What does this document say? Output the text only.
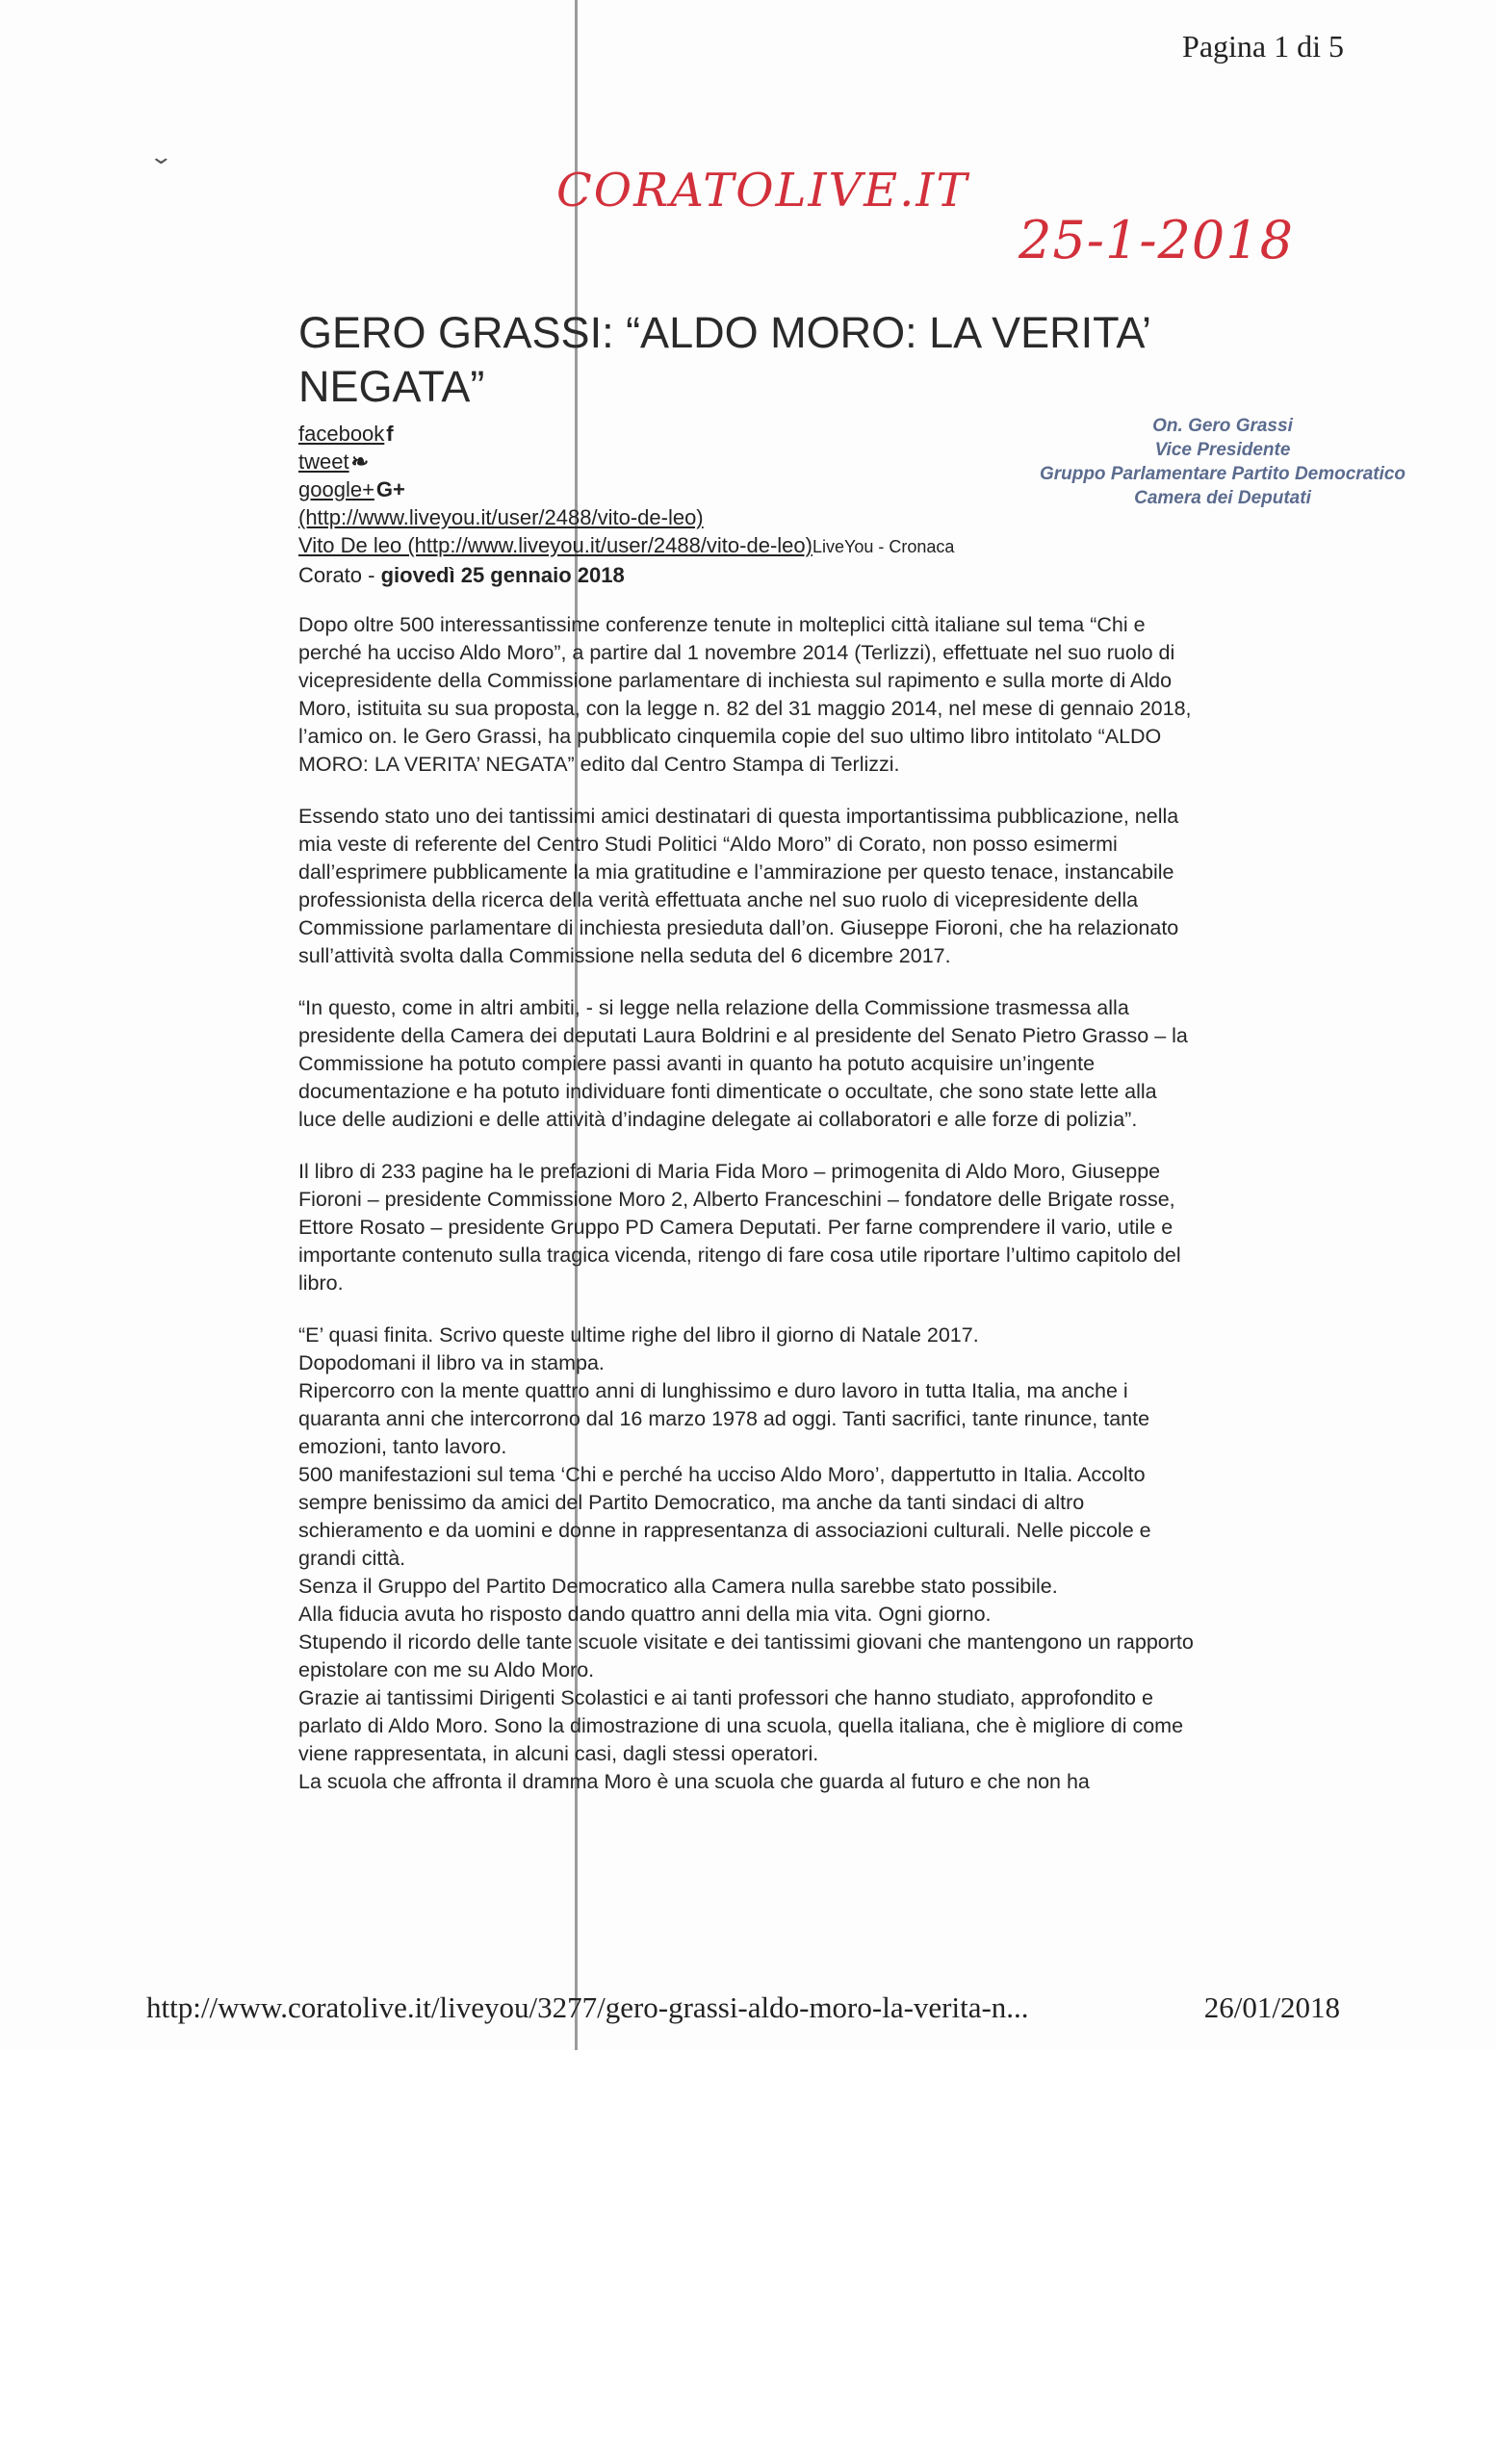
Pagina 1 di 5
⌄
CORATOLIVE.IT
25-1-2018
GERO GRASSI: “ALDO MORO: LA VERITA’ NEGATA”
facebookf
tweet❧
google+G+
(http://www.liveyou.it/user/2488/vito-de-leo)
Vito De leo (http://www.liveyou.it/user/2488/vito-de-leo)LiveYou - Cronaca
Corato - giovedì 25 gennaio 2018
On. Gero Grassi
Vice Presidente
Gruppo Parlamentare Partito Democratico
Camera dei Deputati

Dopo oltre 500 interessantissime conferenze tenute in molteplici città italiane sul tema “Chi e perché ha ucciso Aldo Moro”, a partire dal 1 novembre 2014 (Terlizzi), effettuate nel suo ruolo di vicepresidente della Commissione parlamentare di inchiesta sul rapimento e sulla morte di Aldo Moro, istituita su sua proposta, con la legge n. 82 del 31 maggio 2014, nel mese di gennaio 2018, l’amico on. le Gero Grassi, ha pubblicato cinquemila copie del suo ultimo libro intitolato “ALDO MORO: LA VERITA’ NEGATA” edito dal Centro Stampa di Terlizzi.

Essendo stato uno dei tantissimi amici destinatari di questa importantissima pubblicazione, nella mia veste di referente del Centro Studi Politici “Aldo Moro” di Corato, non posso esimermi dall’esprimere pubblicamente la mia gratitudine e l’ammirazione per questo tenace, instancabile professionista della ricerca della verità effettuata anche nel suo ruolo di vicepresidente della Commissione parlamentare di inchiesta presieduta dall’on. Giuseppe Fioroni, che ha relazionato sull’attività svolta dalla Commissione nella seduta del 6 dicembre 2017.

“In questo, come in altri ambiti, - si legge nella relazione della Commissione trasmessa alla presidente della Camera dei deputati Laura Boldrini e al presidente del Senato Pietro Grasso – la Commissione ha potuto compiere passi avanti in quanto ha potuto acquisire un’ingente documentazione e ha potuto individuare fonti dimenticate o occultate, che sono state lette alla luce delle audizioni e delle attività d’indagine delegate ai collaboratori e alle forze di polizia”.

Il libro di 233 pagine ha le prefazioni di Maria Fida Moro – primogenita di Aldo Moro, Giuseppe Fioroni – presidente Commissione Moro 2, Alberto Franceschini – fondatore delle Brigate rosse, Ettore Rosato – presidente Gruppo PD Camera Deputati. Per farne comprendere il vario, utile e importante contenuto sulla tragica vicenda, ritengo di fare cosa utile riportare l’ultimo capitolo del libro.

“E’ quasi finita. Scrivo queste ultime righe del libro il giorno di Natale 2017.
Dopodomani il libro va in stampa.
Ripercorro con la mente quattro anni di lunghissimo e duro lavoro in tutta Italia, ma anche i quaranta anni che intercorrono dal 16 marzo 1978 ad oggi. Tanti sacrifici, tante rinunce, tante emozioni, tanto lavoro.
500 manifestazioni sul tema ‘Chi e perché ha ucciso Aldo Moro’, dappertutto in Italia. Accolto sempre benissimo da amici del Partito Democratico, ma anche da tanti sindaci di altro schieramento e da uomini e donne in rappresentanza di associazioni culturali. Nelle piccole e grandi città.
Senza il Gruppo del Partito Democratico alla Camera nulla sarebbe stato possibile.
Alla fiducia avuta ho risposto dando quattro anni della mia vita. Ogni giorno.
Stupendo il ricordo delle tante scuole visitate e dei tantissimi giovani che mantengono un rapporto epistolare con me su Aldo Moro.
Grazie ai tantissimi Dirigenti Scolastici e ai tanti professori che hanno studiato, approfondito e parlato di Aldo Moro. Sono la dimostrazione di una scuola, quella italiana, che è migliore di come viene rappresentata, in alcuni casi, dagli stessi operatori.
La scuola che affronta il dramma Moro è una scuola che guarda al futuro e che non ha
http://www.coratolive.it/liveyou/3277/gero-grassi-aldo-moro-la-verita-n...	26/01/2018
